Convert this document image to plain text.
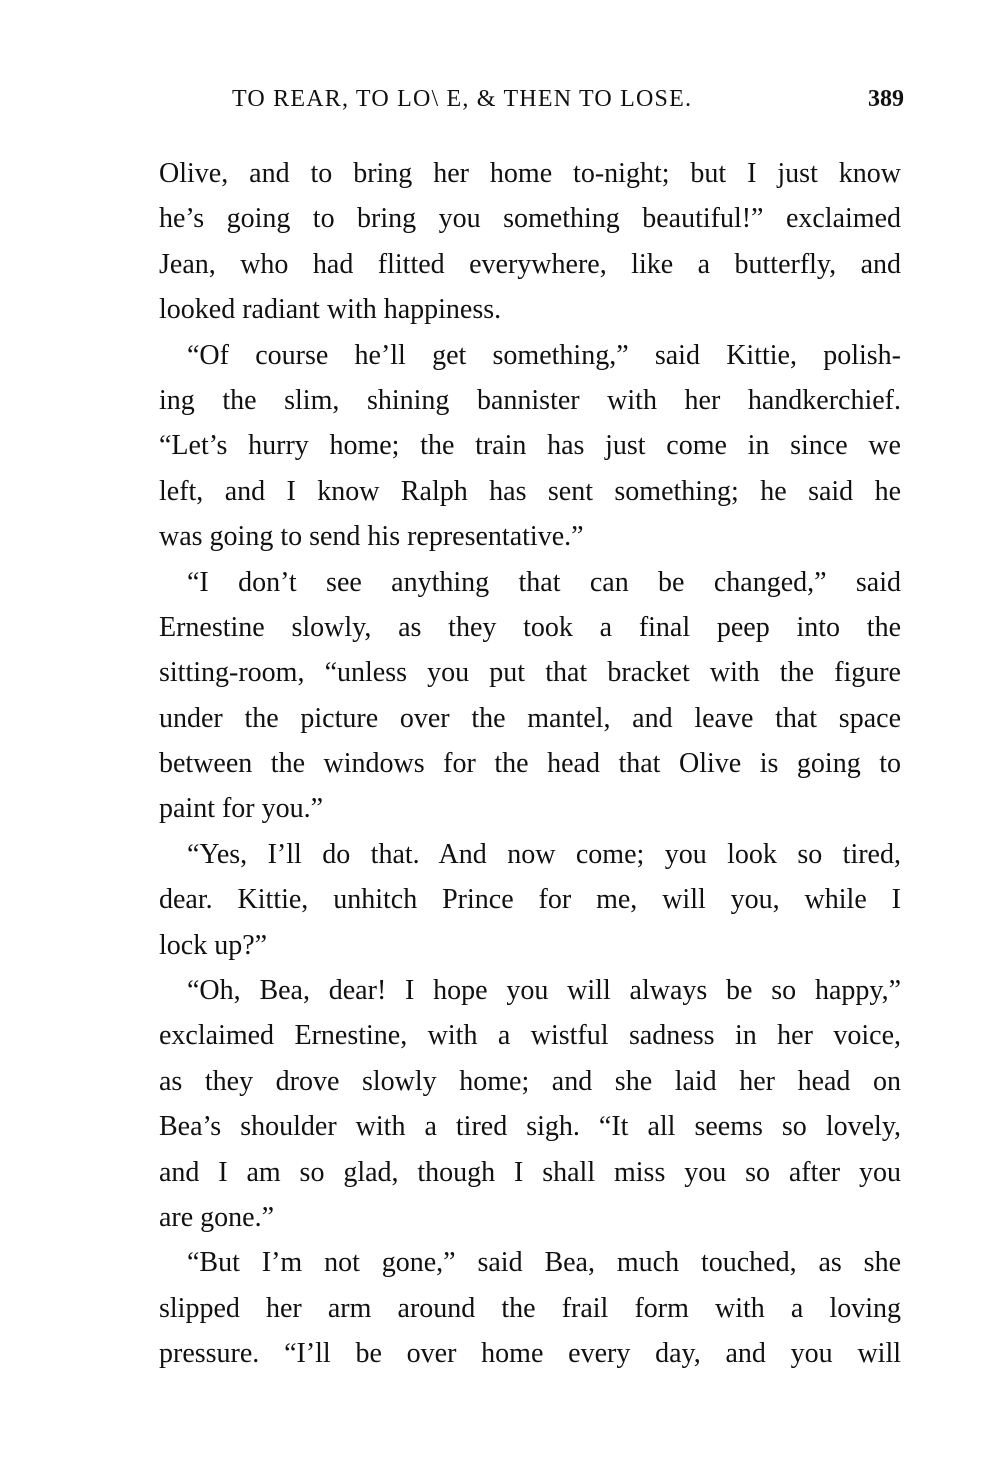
TO REAR, TO LO\ E, & THEN TO LOSE.	389
Olive, and to bring her home to-night; but I just know
he’s going to bring you something beautiful!” exclaimed
Jean, who had flitted everywhere, like a butterfly, and
looked radiant with happiness.
“Of course he’ll get something,” said Kittie, polish-
ing the slim, shining bannister with her handkerchief.
“Let’s hurry home; the train has just come in since we
left, and I know Ralph has sent something; he said he
was going to send his representative.”
“I don’t see anything that can be changed,” said
Ernestine slowly, as they took a final peep into the
sitting-room, “unless you put that bracket with the figure
under the picture over the mantel, and leave that space
between the windows for the head that Olive is going to
paint for you.”
“Yes, I’ll do that. And now come; you look so tired,
dear. Kittie, unhitch Prince for me, will you, while I
lock up?”
“Oh, Bea, dear! I hope you will always be so happy,”
exclaimed Ernestine, with a wistful sadness in her voice,
as they drove slowly home; and she laid her head on
Bea’s shoulder with a tired sigh. “It all seems so lovely,
and I am so glad, though I shall miss you so after you
are gone.”
“But I’m not gone,” said Bea, much touched, as she
slipped her arm around the frail form with a loving
pressure. “I’ll be over home every day, and you will
